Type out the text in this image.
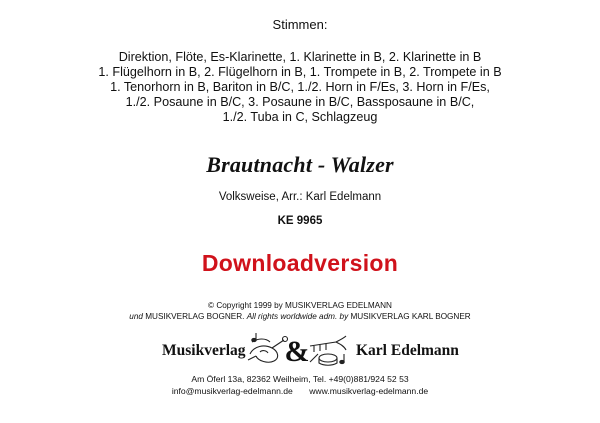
Stimmen:
Direktion, Flöte, Es-Klarinette, 1. Klarinette in B, 2. Klarinette in B
1. Flügelhorn in B, 2. Flügelhorn in B, 1. Trompete in B, 2. Trompete in B
1. Tenorhorn in B, Bariton in B/C, 1./2. Horn in F/Es, 3. Horn in F/Es,
1./2. Posaune in B/C, 3. Posaune in B/C, Bassposaune in B/C,
1./2. Tuba in C, Schlagzeug
Brautnacht - Walzer
Volksweise, Arr.: Karl Edelmann
KE 9965
Downloadversion
© Copyright 1999 by MUSIKVERLAG EDELMANN
und MUSIKVERLAG BOGNER. All rights worldwide adm. by MUSIKVERLAG KARL BOGNER
Musikverlag &	Karl Edelmann
Am Öferl 13a, 82362 Weilheim, Tel. +49(0)881/924 52 53
info@musikverlag-edelmann.de www.musikverlag-edelmann.de
